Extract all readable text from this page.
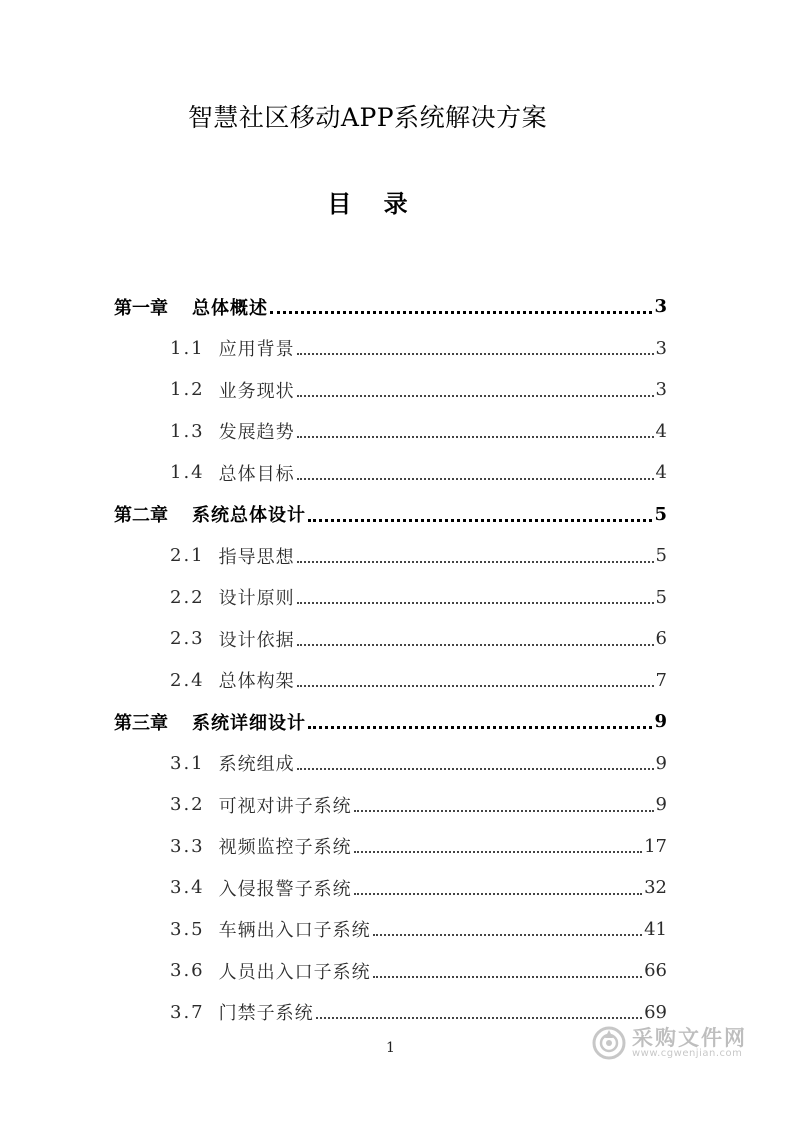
智慧社区移动APP系统解决方案
目 录
第一章 总体概述	3
1.1 应用背景	3
1.2 业务现状	3
1.3 发展趋势	4
1.4 总体目标	4
第二章 系统总体设计	5
2.1 指导思想	5
2.2 设计原则	5
2.3 设计依据	6
2.4 总体构架	7
第三章 系统详细设计	9
3.1 系统组成	9
3.2 可视对讲子系统	9
3.3 视频监控子系统	17
3.4 入侵报警子系统	32
3.5 车辆出入口子系统	41
3.6 人员出入口子系统	66
3.7 门禁子系统	69
1	采购文件网
www.cgwenjian.com
